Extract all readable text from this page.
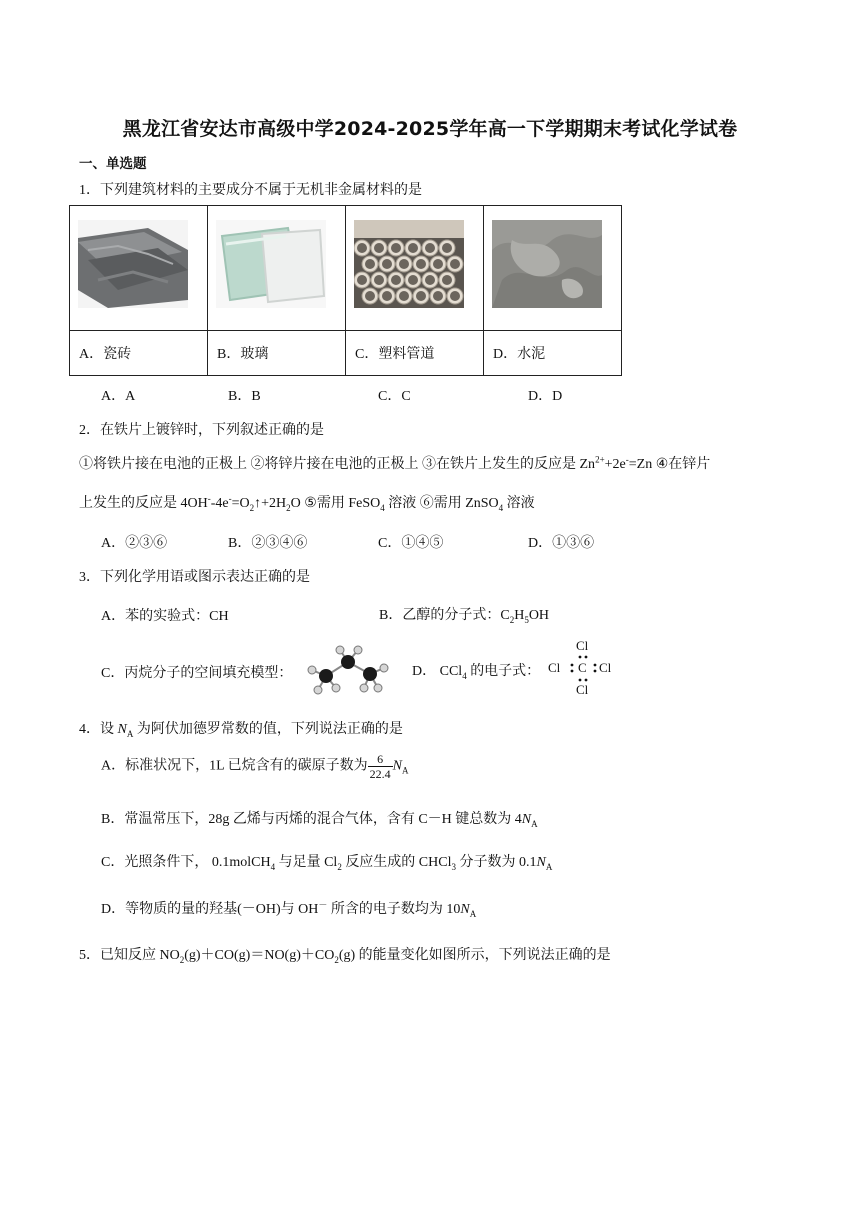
黑龙江省安达市高级中学2024-2025学年高一下学期期末考试化学试卷
一、单选题
1．下列建筑材料的主要成分不属于无机非金属材料的是

A．瓷砖	B．玻璃	C．塑料管道	D．水泥
A．A	B．B	C．C	D．D
2．在铁片上镀锌时，下列叙述正确的是
①将铁片接在电池的正极上 ②将锌片接在电池的正极上 ③在铁片上发生的反应是 $Zn^{2+}+2e^-=Zn$ ④在锌片
上发生的反应是 $4OH^--4e^-=O_2↑+2H_2O$ ⑤需用 FeSO$_4$ 溶液 ⑥需用 ZnSO$_4$ 溶液
A．②③⑥	B．②③④⑥	C．①④⑤	D．①③⑥
3．下列化学用语或图示表达正确的是
A．苯的实验式：CH	B．乙醇的分子式：$C_2H_5OH$
C．丙烷分子的空间填充模型：	D． CCl$_4$ 的电子式：
Cl
Cl C Cl
Cl
4．设 $N_A$ 为阿伏加德罗常数的值，下列说法正确的是
A．标准状况下，1L 已烷含有的碳原子数为 $\frac{6}{22.4} N_A$
B．常温常压下，28g 乙烯与丙烯的混合气体，含有 C－H 键总数为 $4N_A$
C．光照条件下， 0.1molCH$_4$ 与足量 $Cl_2$ 反应生成的 CHCl$_3$ 分子数为 $0.1N_A$
D．等物质的量的羟基(－OH)与 OH－ 所含的电子数均为 $10N_A$
5．已知反应 $NO_2(g)+CO(g)=NO(g)+CO_2(g)$ 的能量变化如图所示，下列说法正确的是
